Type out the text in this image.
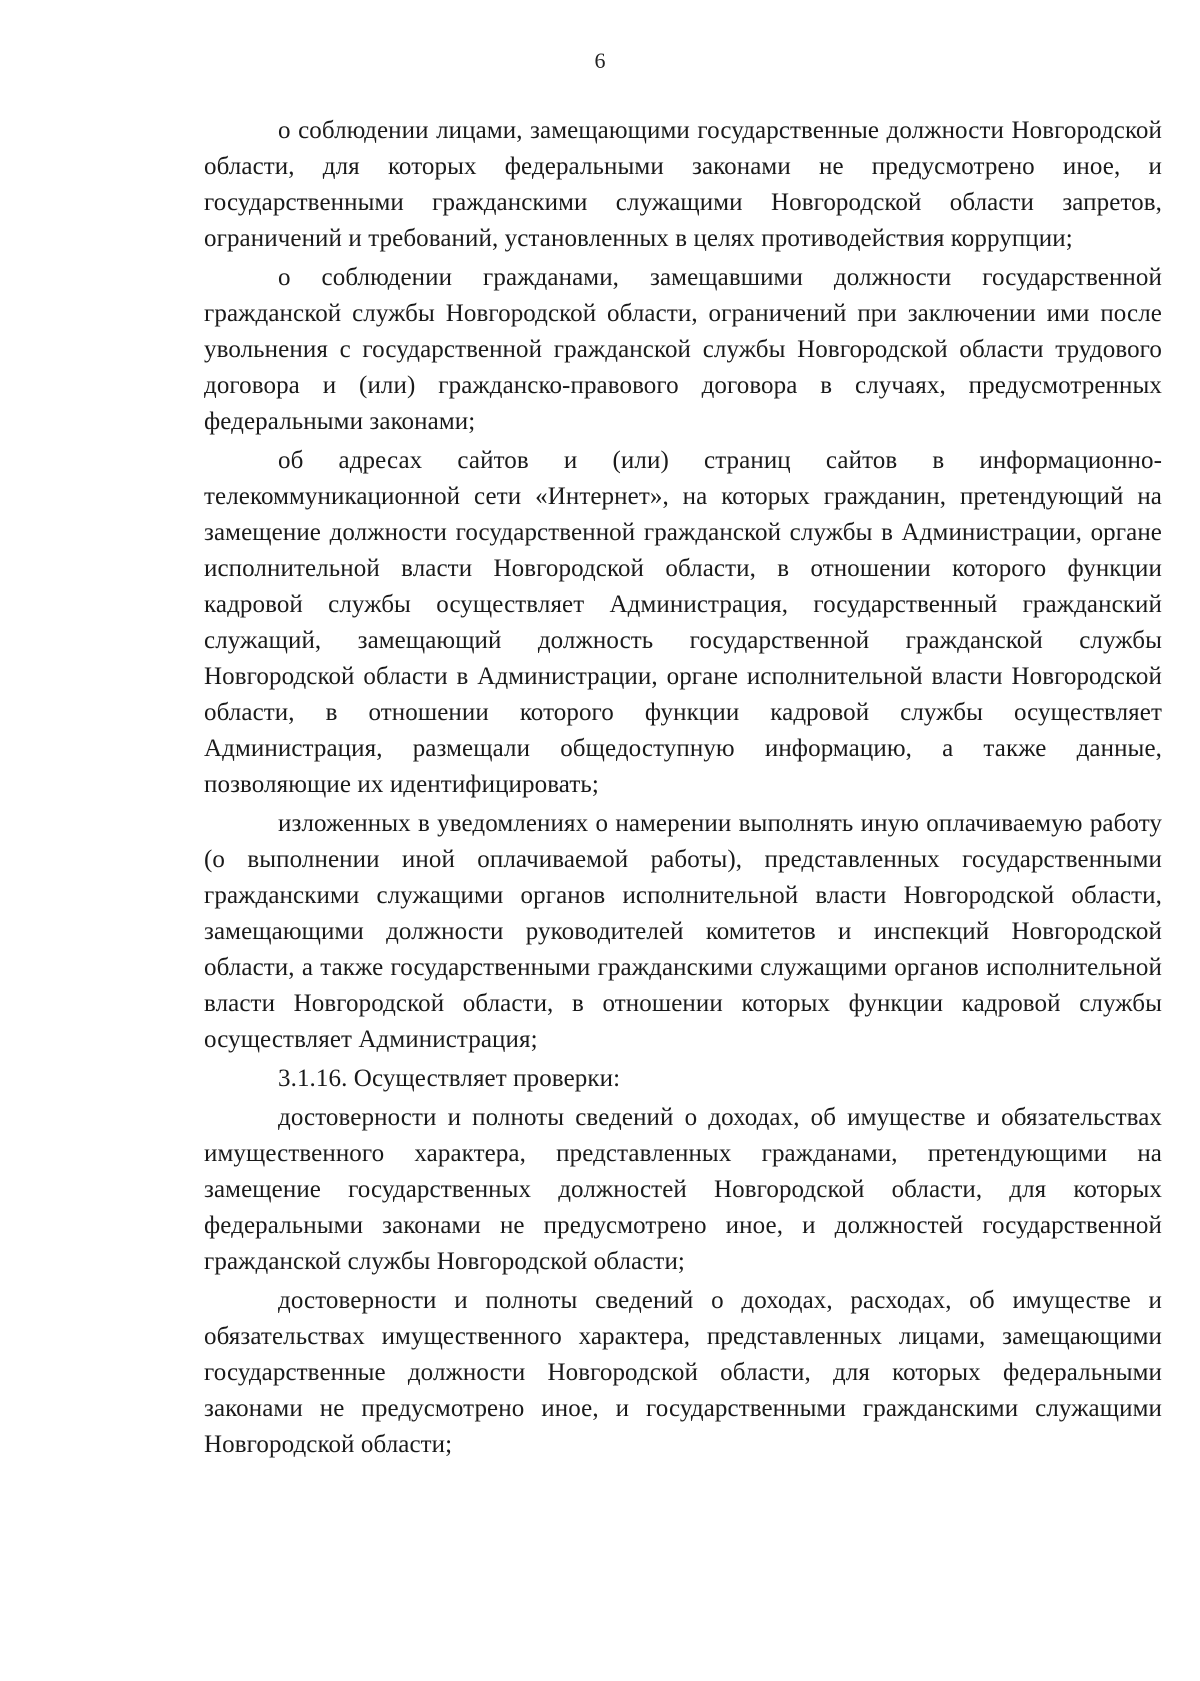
6

о соблюдении лицами, замещающими государственные должности Новгородской области, для которых федеральными законами не предусмотрено иное, и государственными гражданскими служащими Новгородской области запретов, ограничений и требований, установленных в целях противодействия коррупции;

о соблюдении гражданами, замещавшими должности государственной гражданской службы Новгородской области, ограничений при заключении ими после увольнения с государственной гражданской службы Новгородской области трудового договора и (или) гражданско-правового договора в случаях, предусмотренных федеральными законами;

об адресах сайтов и (или) страниц сайтов в информационно-телекоммуникационной сети «Интернет», на которых гражданин, претендующий на замещение должности государственной гражданской службы в Администрации, органе исполнительной власти Новгородской области, в отношении которого функции кадровой службы осуществляет Администрация, государственный гражданский служащий, замещающий должность государственной гражданской службы Новгородской области в Администрации, органе исполнительной власти Новгородской области, в отношении которого функции кадровой службы осуществляет Администрация, размещали общедоступную информацию, а также данные, позволяющие их идентифицировать;

изложенных в уведомлениях о намерении выполнять иную оплачиваемую работу (о выполнении иной оплачиваемой работы), представленных государственными гражданскими служащими органов исполнительной власти Новгородской области, замещающими должности руководителей комитетов и инспекций Новгородской области, а также государственными гражданскими служащими органов исполнительной власти Новгородской области, в отношении которых функции кадровой службы осуществляет Администрация;

3.1.16. Осуществляет проверки:

достоверности и полноты сведений о доходах, об имуществе и обязательствах имущественного характера, представленных гражданами, претендующими на замещение государственных должностей Новгородской области, для которых федеральными законами не предусмотрено иное, и должностей государственной гражданской службы Новгородской области;

достоверности и полноты сведений о доходах, расходах, об имуществе и обязательствах имущественного характера, представленных лицами, замещающими государственные должности Новгородской области, для которых федеральными законами не предусмотрено иное, и государственными гражданскими служащими Новгородской области;
